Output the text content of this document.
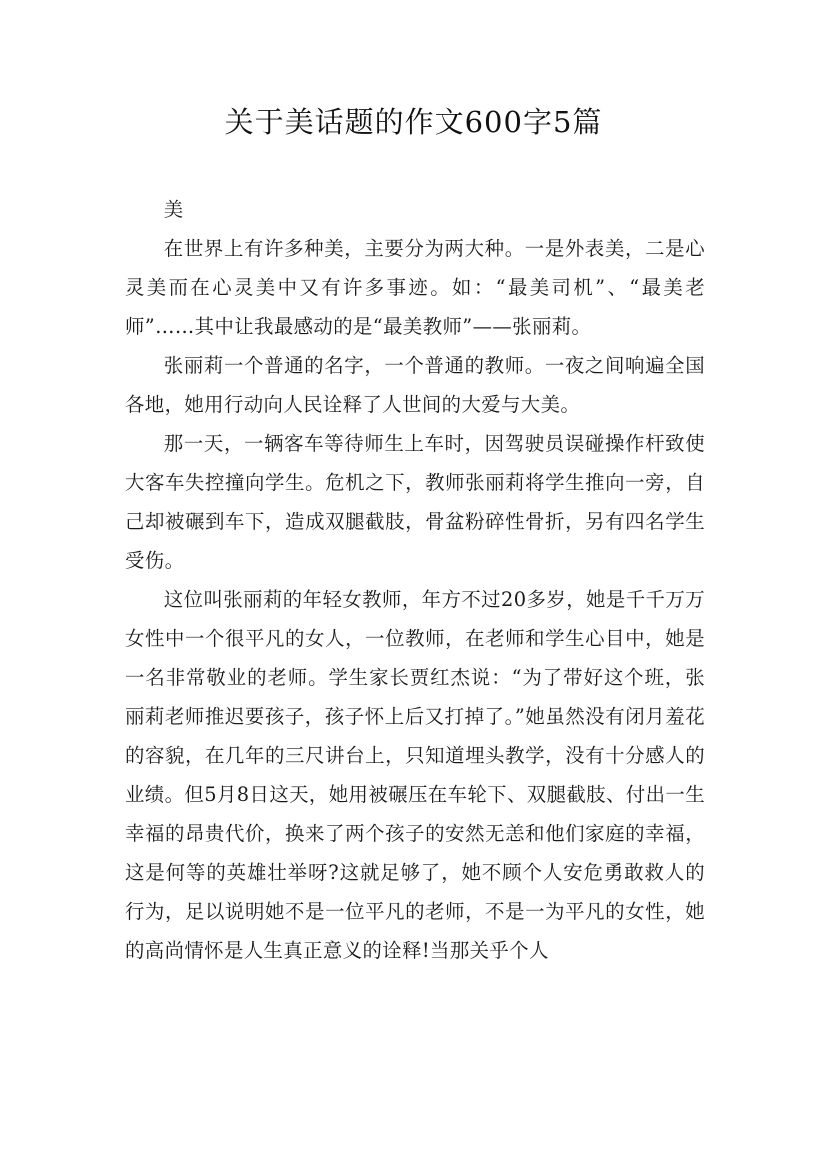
关于美话题的作文600字5篇

美

在世界上有许多种美，主要分为两大种。一是外表美，二是心灵美而在心灵美中又有许多事迹。如：“最美司机”、“最美老师”……其中让我最感动的是“最美教师”——张丽莉。

张丽莉一个普通的名字，一个普通的教师。一夜之间响遍全国各地，她用行动向人民诠释了人世间的大爱与大美。

那一天，一辆客车等待师生上车时，因驾驶员误碰操作杆致使大客车失控撞向学生。危机之下，教师张丽莉将学生推向一旁，自己却被碾到车下，造成双腿截肢，骨盆粉碎性骨折，另有四名学生受伤。

这位叫张丽莉的年轻女教师，年方不过20多岁，她是千千万万女性中一个很平凡的女人，一位教师，在老师和学生心目中，她是一名非常敬业的老师。学生家长贾红杰说：“为了带好这个班，张丽莉老师推迟要孩子，孩子怀上后又打掉了。”她虽然没有闭月羞花的容貌，在几年的三尺讲台上，只知道埋头教学，没有十分感人的业绩。但5月8日这天，她用被碾压在车轮下、双腿截肢、付出一生幸福的昂贵代价，换来了两个孩子的安然无恙和他们家庭的幸福，这是何等的英雄壮举呀?这就足够了，她不顾个人安危勇敢救人的行为，足以说明她不是一位平凡的老师，不是一为平凡的女性，她的高尚情怀是人生真正意义的诠释!当那关乎个人
